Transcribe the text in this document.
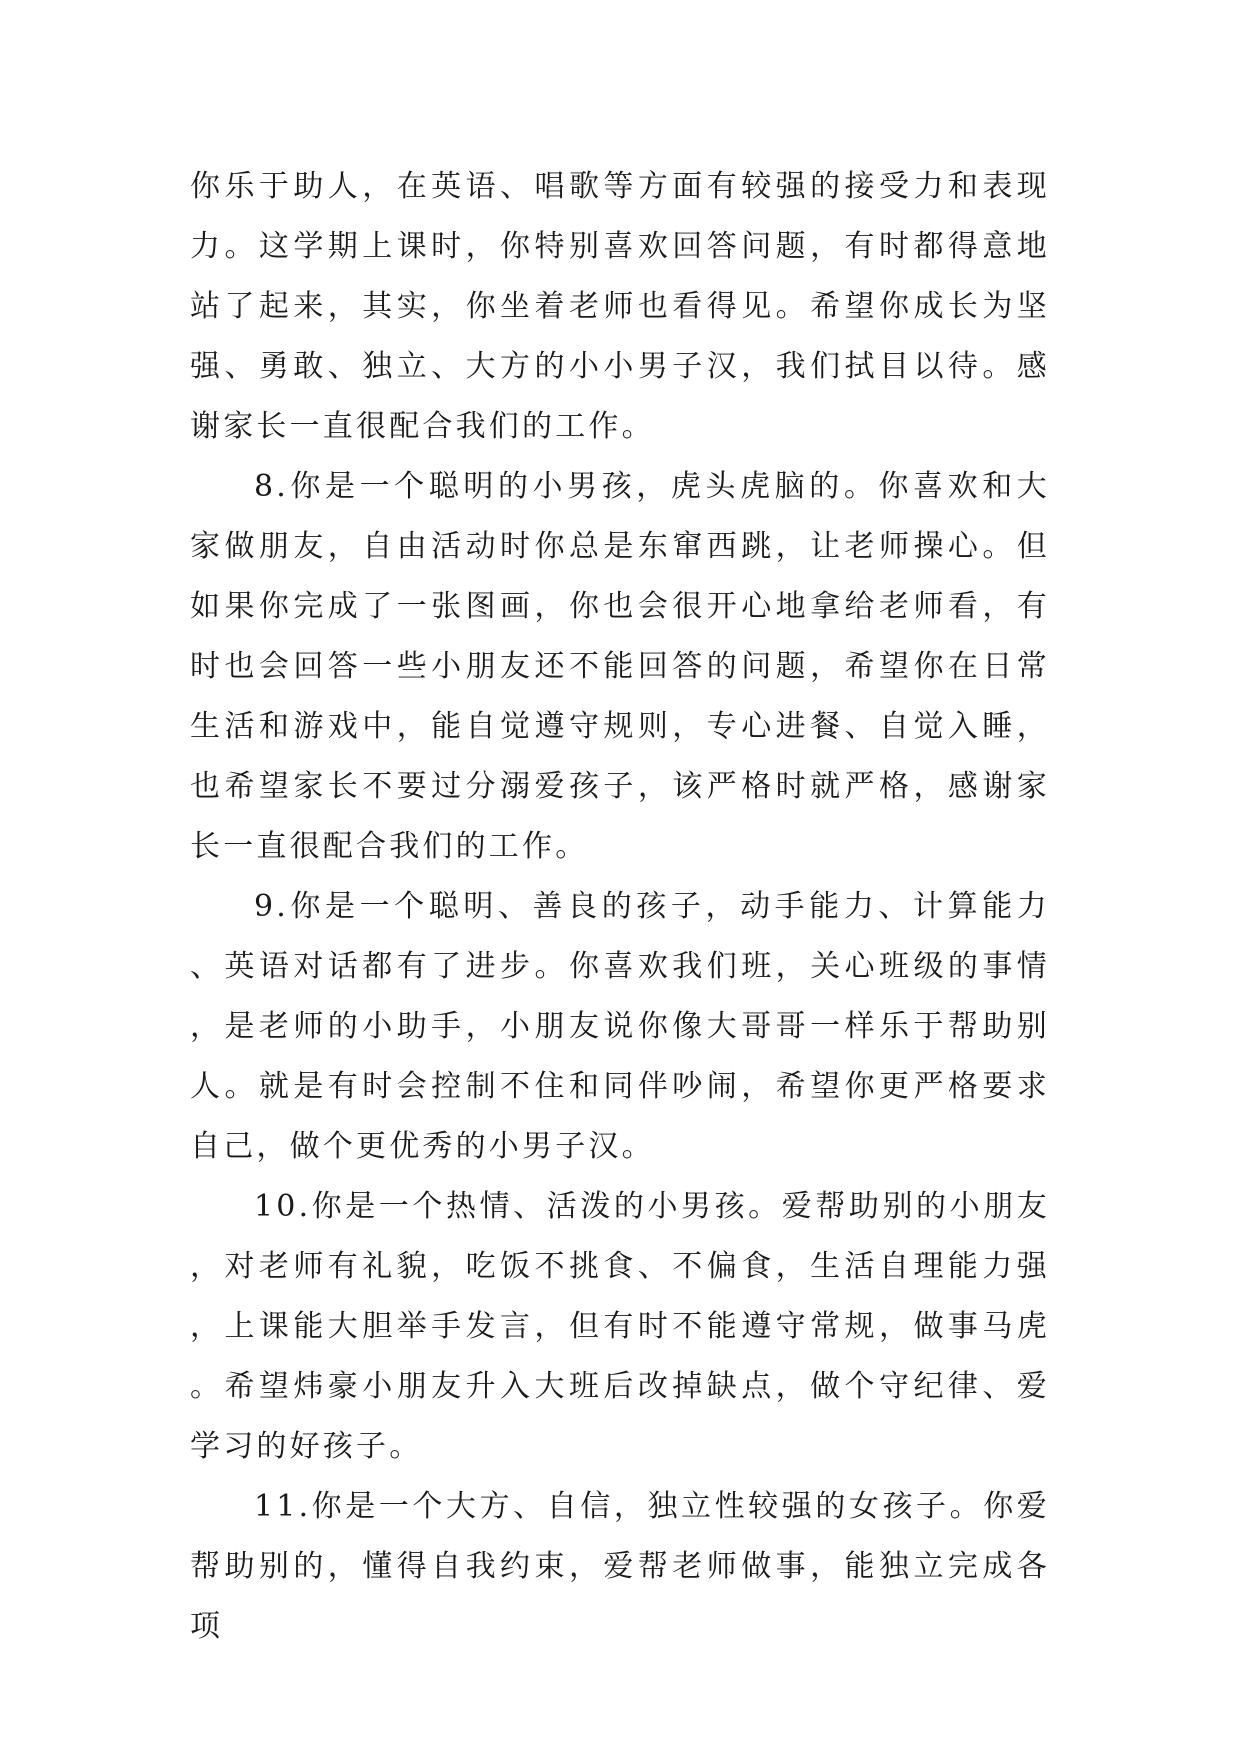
你乐于助人，在英语、唱歌等方面有较强的接受力和表现力。这学期上课时，你特别喜欢回答问题，有时都得意地站了起来，其实，你坐着老师也看得见。希望你成长为坚强、勇敢、独立、大方的小小男子汉，我们拭目以待。感谢家长一直很配合我们的工作。

8.你是一个聪明的小男孩，虎头虎脑的。你喜欢和大家做朋友，自由活动时你总是东窜西跳，让老师操心。但如果你完成了一张图画，你也会很开心地拿给老师看，有时也会回答一些小朋友还不能回答的问题，希望你在日常生活和游戏中，能自觉遵守规则，专心进餐、自觉入睡，也希望家长不要过分溺爱孩子，该严格时就严格，感谢家长一直很配合我们的工作。

9.你是一个聪明、善良的孩子，动手能力、计算能力、英语对话都有了进步。你喜欢我们班，关心班级的事情，是老师的小助手，小朋友说你像大哥哥一样乐于帮助别人。就是有时会控制不住和同伴吵闹，希望你更严格要求自己，做个更优秀的小男子汉。

10.你是一个热情、活泼的小男孩。爱帮助别的小朋友，对老师有礼貌，吃饭不挑食、不偏食，生活自理能力强，上课能大胆举手发言，但有时不能遵守常规，做事马虎。希望炜豪小朋友升入大班后改掉缺点，做个守纪律、爱学习的好孩子。

11.你是一个大方、自信，独立性较强的女孩子。你爱帮助别的，懂得自我约束，爱帮老师做事，能独立完成各项
